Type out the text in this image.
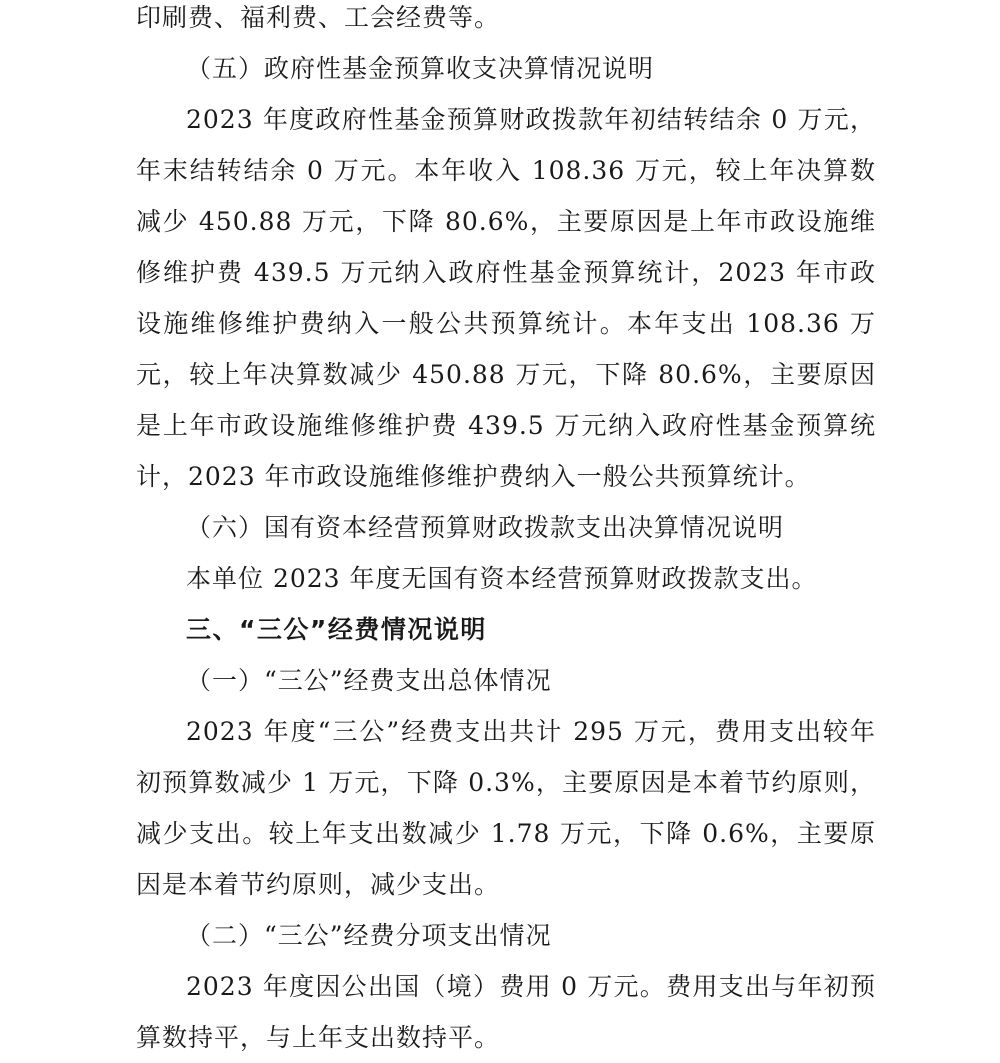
印刷费、福利费、工会经费等。

（五）政府性基金预算收支决算情况说明

2023 年度政府性基金预算财政拨款年初结转结余 0 万元，年末结转结余 0 万元。本年收入 108.36 万元，较上年决算数减少 450.88 万元，下降 80.6%，主要原因是上年市政设施维修维护费 439.5 万元纳入政府性基金预算统计，2023 年市政设施维修维护费纳入一般公共预算统计。本年支出 108.36 万元，较上年决算数减少 450.88 万元，下降 80.6%，主要原因是上年市政设施维修维护费 439.5 万元纳入政府性基金预算统计，2023 年市政设施维修维护费纳入一般公共预算统计。

（六）国有资本经营预算财政拨款支出决算情况说明

本单位 2023 年度无国有资本经营预算财政拨款支出。

三、“三公”经费情况说明

（一）“三公”经费支出总体情况

2023 年度“三公”经费支出共计 295 万元，费用支出较年初预算数减少 1 万元，下降 0.3%，主要原因是本着节约原则，减少支出。较上年支出数减少 1.78 万元，下降 0.6%，主要原因是本着节约原则，减少支出。

（二）“三公”经费分项支出情况

2023 年度因公出国（境）费用 0 万元。费用支出与年初预算数持平，与上年支出数持平。
